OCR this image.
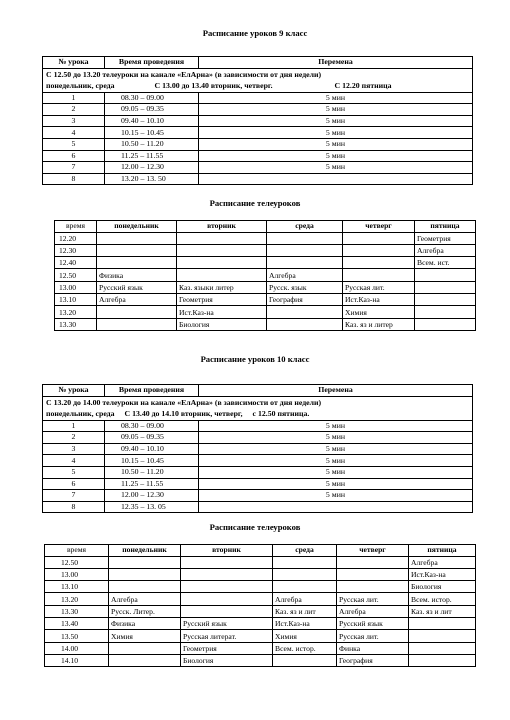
Расписание уроков 9 класс
№ урока	Время проведения	Перемена
С 12.50 до 13.20 телеуроки на канале «ЕлАрна» (в зависимости от дня недели)
понедельник, среда С 13.00 до 13.40 вторник, четверг. С 12.20 пятница		
1	08.30 – 09.00	5 мин
2	09.05 – 09.35	5 мин
3	09.40 – 10.10	5 мин
4	10.15 – 10.45	5 мин
5	10.50 – 11.20	5 мин
6	11.25 – 11.55	5 мин
7	12.00 – 12.30	5 мин
8	13.20 – 13. 50	
Расписание телеуроков
время	понедельник	вторник	среда	четверг	пятница
12.20					Геометрия
12.30					Алгебра
12.40					Всем. ист.
12.50	Физика		Алгебра		
13.00	Русский язык	Каз. языки литер	Русск. язык	Русская лит.	
13.10	Алгебра	Геометрия	География	Ист.Каз-на	
13.20		Ист.Каз-на		Химия	
13.30		Биология		Каз. яз и литер	
Расписание уроков 10 класс
№ урока	Время проведения	Перемена
С 13.20 до 14.00 телеуроки на канале «ЕлАрна» (в зависимости от дня недели)
понедельник, среда С 13.40 до 14.10 вторник, четверг, с 12.50 пятница.		
1	08.30 – 09.00	5 мин
2	09.05 – 09.35	5 мин
3	09.40 – 10.10	5 мин
4	10.15 – 10.45	5 мин
5	10.50 – 11.20	5 мин
6	11.25 – 11.55	5 мин
7	12.00 – 12.30	5 мин
8	12.35 – 13. 05	
Расписание телеуроков
время	понедельник	вторник	среда	четверг	пятница
12.50					Алгебра
13.00					Ист.Каз-на
13.10					Биология
13.20	Алгебра		Алгебра	Русская лит.	Всем. истор.
13.30	Русск. Литер.		Каз. яз и лит	Алгебра	Каз. яз и лит
13.40	Физика	Русский язык	Ист.Каз-на	Русский язык	
13.50	Химия	Русская литерат.	Химия	Русская лит.	
14.00		Геометрия	Всем. истор.	Финка	
14.10		Биология		География	
